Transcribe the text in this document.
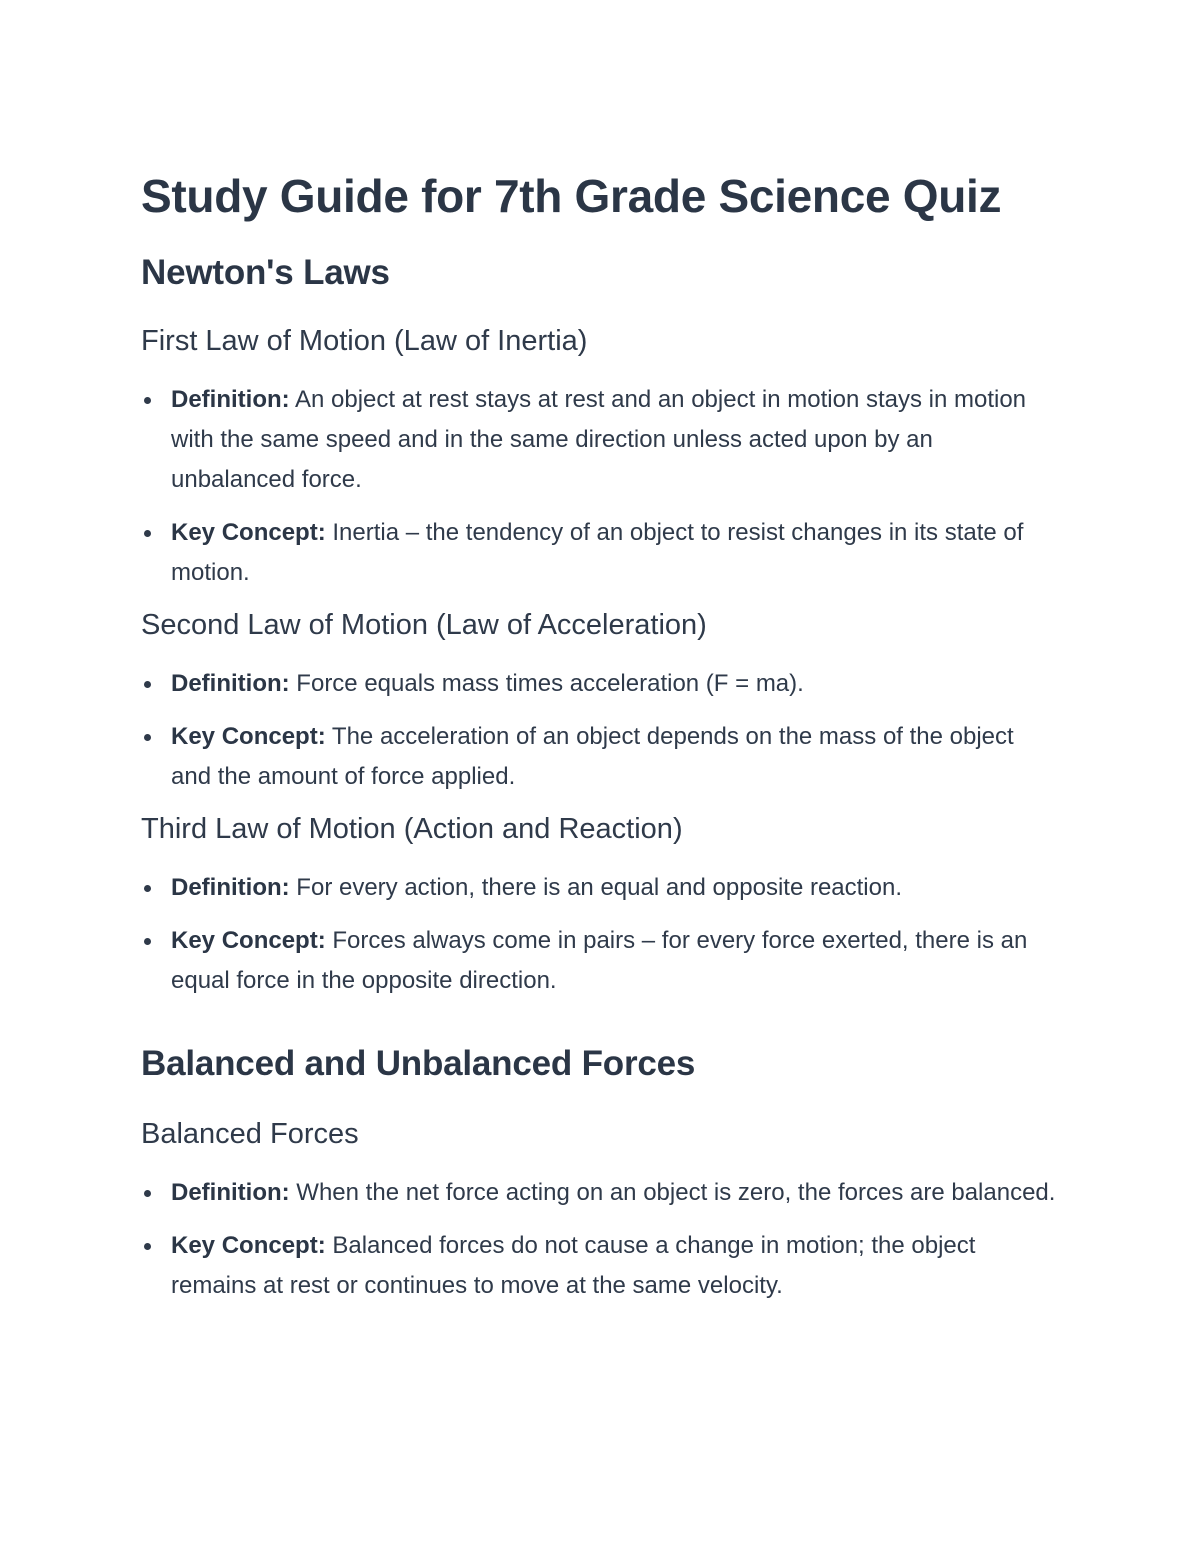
Study Guide for 7th Grade Science Quiz
Newton's Laws
First Law of Motion (Law of Inertia)
Definition: An object at rest stays at rest and an object in motion stays in motion with the same speed and in the same direction unless acted upon by an unbalanced force.
Key Concept: Inertia – the tendency of an object to resist changes in its state of motion.
Second Law of Motion (Law of Acceleration)
Definition: Force equals mass times acceleration (F = ma).
Key Concept: The acceleration of an object depends on the mass of the object and the amount of force applied.
Third Law of Motion (Action and Reaction)
Definition: For every action, there is an equal and opposite reaction.
Key Concept: Forces always come in pairs – for every force exerted, there is an equal force in the opposite direction.
Balanced and Unbalanced Forces
Balanced Forces
Definition: When the net force acting on an object is zero, the forces are balanced.
Key Concept: Balanced forces do not cause a change in motion; the object remains at rest or continues to move at the same velocity.
